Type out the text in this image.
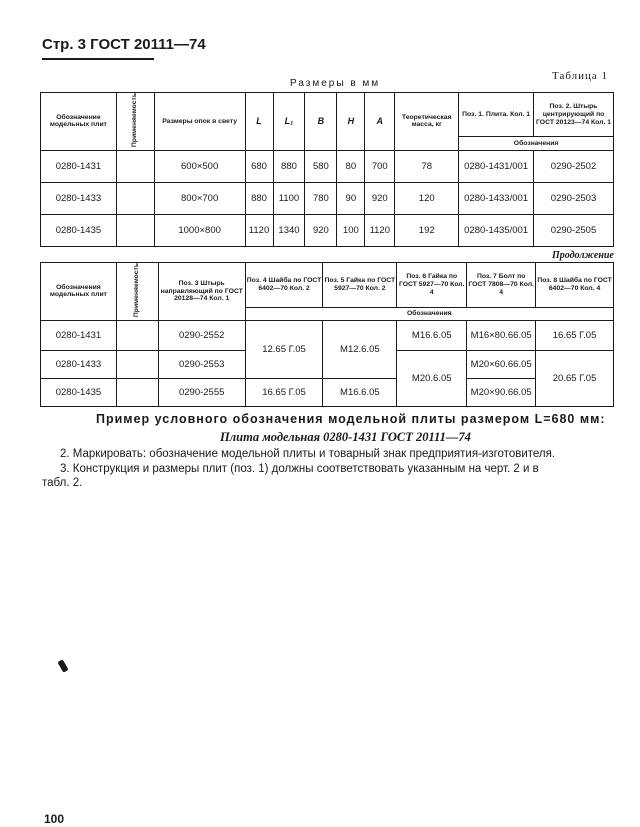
Стр. 3 ГОСТ 20111—74
Таблица 1
Размеры в мм
Обозначение модельных плит	Применяемость	Размеры опок в свету	L	L₁	B	H	A	Теоретическая масса, кг	Поз. 1. Плита. Кол. 1	Поз. 2. Штырь центрирующий по ГОСТ 20123—74 Кол. 1
									Обозначения	
0280-1431		600×500	680	880	580	80	700	78	0280-1431/001	0290-2502
0280-1433		800×700	880	1100	780	90	920	120	0280-1433/001	0290-2503
0280-1435		1000×800	1120	1340	920	100	1120	192	0280-1435/001	0290-2505
Продолжение
Обозначения модельных плит	Применяемость	Поз. 3 Штырь направляющий по ГОСТ 20128—74 Кол. 1	Поз. 4 Шайба по ГОСТ 6402—70 Кол. 2	Поз. 5 Гайка по ГОСТ 5927—70 Кол. 2	Поз. 6 Гайка по ГОСТ 5927—70 Кол. 4	Поз. 7 Болт по ГОСТ 7808—70 Кол. 4	Поз. 8 Шайба по ГОСТ 6402—70 Кол. 4
			Обозначения				
0280-1431		0290-2552	12.65 Г.05	M12.6.05	M16.6.05	M16×80.66.05	16.65 Г.05
0280-1433		0290-2553			M20.6.05	M20×60.66.05	20.65 Г.05
0280-1435		0290-2555	16.65 Г.05	M16.6.05		M20×90.66.05	
Пример условного обозначения модельной плиты размером L=680 мм:
Плита модельная 0280-1431 ГОСТ 20111—74
2. Маркировать: обозначение модельной плиты и товарный знак предприятия-изготовителя.
3. Конструкция и размеры плит (поз. 1) должны соответствовать указанным на черт. 2 и в
табл. 2.
100
